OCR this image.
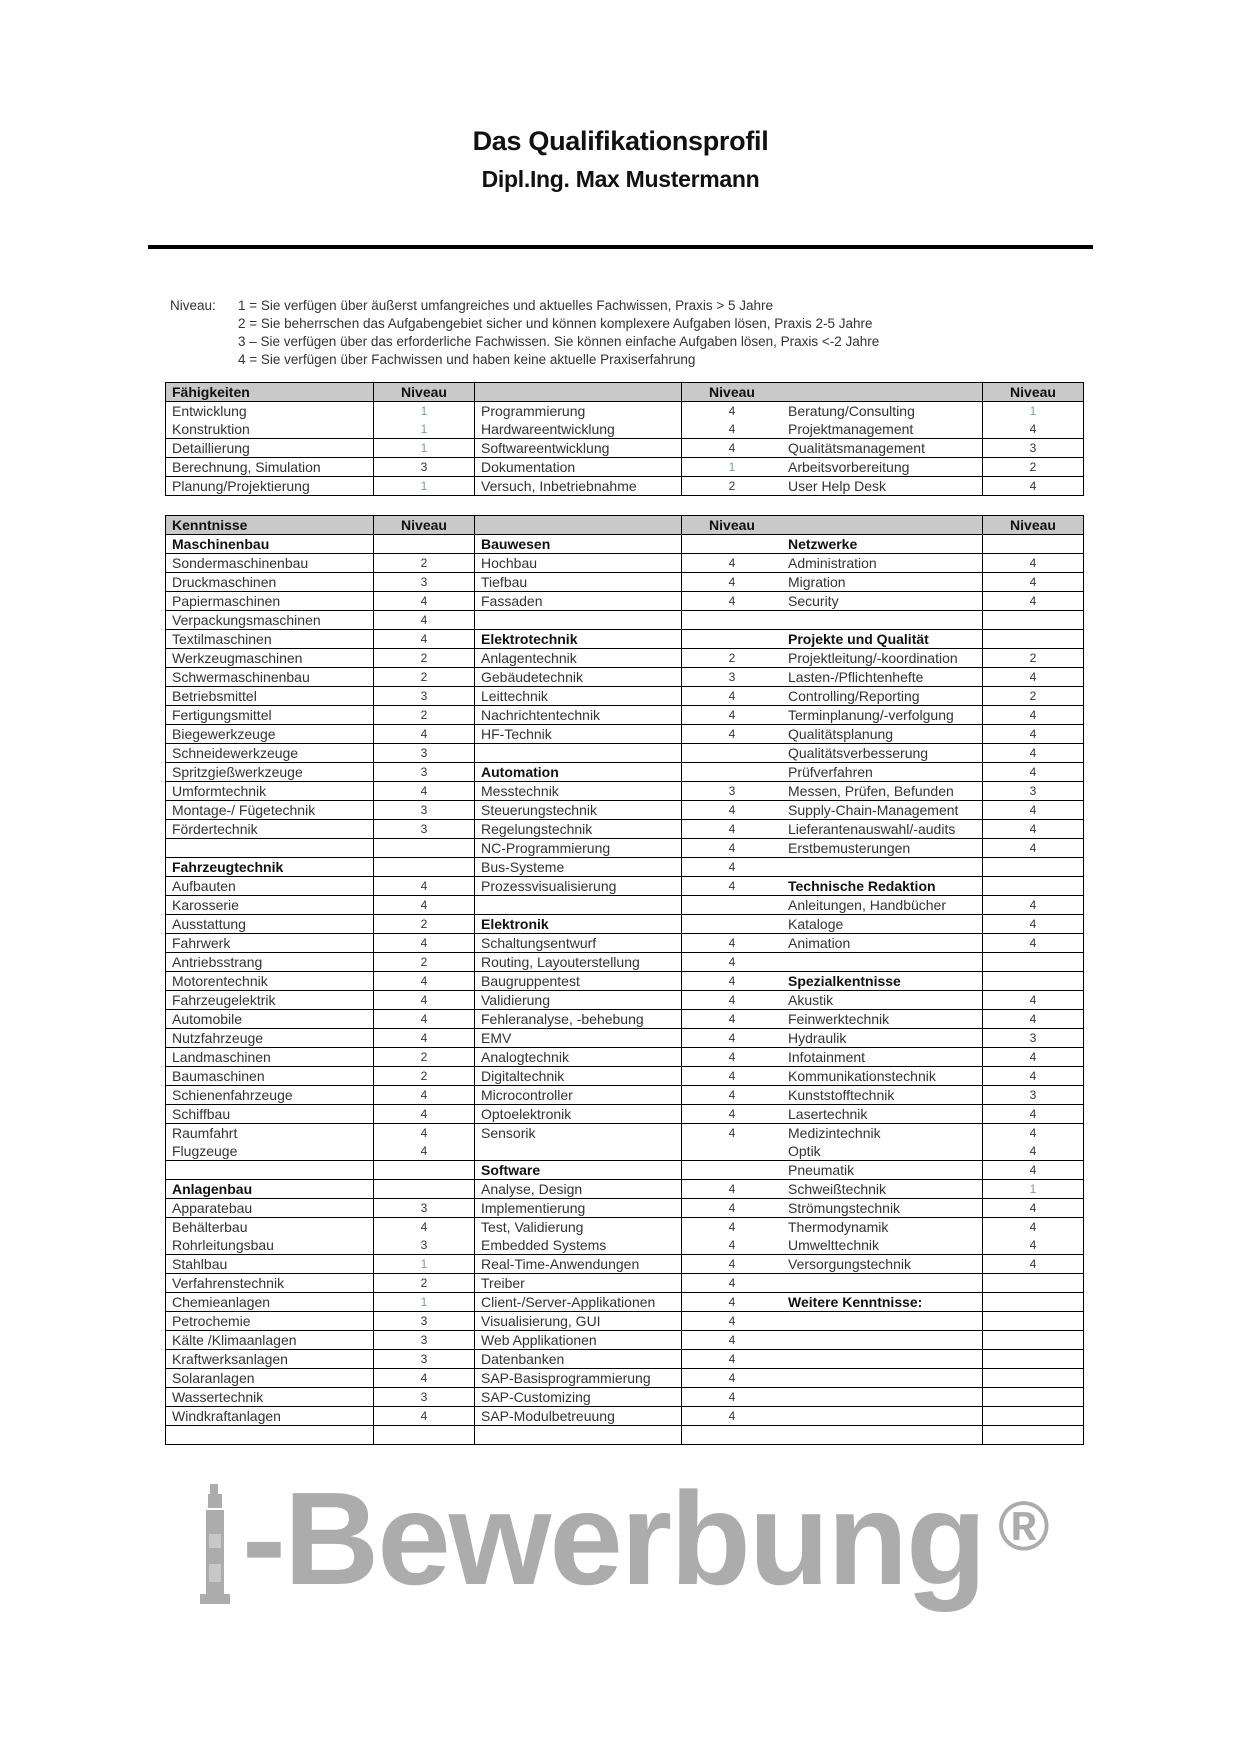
Das Qualifikationsprofil
Dipl.Ing. Max Mustermann
Niveau: 1 = Sie verfügen über äußerst umfangreiches und aktuelles Fachwissen, Praxis > 5 Jahre
2 = Sie beherrschen das Aufgabengebiet sicher und können komplexere Aufgaben lösen, Praxis 2-5 Jahre
3 – Sie verfügen über das erforderliche Fachwissen. Sie können einfache Aufgaben lösen, Praxis <-2 Jahre
4 = Sie verfügen über Fachwissen und haben keine aktuelle Praxiserfahrung
Fähigkeiten	Niveau		Niveau		Niveau
Entwicklung	1	Programmierung	4	Beratung/Consulting	1
Konstruktion	1	Hardwareentwicklung	4	Projektmanagement	4
Detaillierung	1	Softwareentwicklung	4	Qualitätsmanagement	3
Berechnung, Simulation	3	Dokumentation	1	Arbeitsvorbereitung	2
Planung/Projektierung	1	Versuch, Inbetriebnahme	2	User Help Desk	4
Kenntnisse	Niveau		Niveau		Niveau
Maschinenbau		Bauwesen		Netzwerke	
Sondermaschinenbau	2	Hochbau	4	Administration	4
Druckmaschinen	3	Tiefbau	4	Migration	4
Papiermaschinen	4	Fassaden	4	Security	4
Verpackungsmaschinen	4				
Textilmaschinen	4	Elektrotechnik		Projekte und Qualität	
Werkzeugmaschinen	2	Anlagentechnik	2	Projektleitung/-koordination	2
Schwermaschinenbau	2	Gebäudetechnik	3	Lasten-/Pflichtenhefte	4
Betriebsmittel	3	Leittechnik	4	Controlling/Reporting	2
Fertigungsmittel	2	Nachrichtentechnik	4	Terminplanung/-verfolgung	4
Biegewerkzeuge	4	HF-Technik	4	Qualitätsplanung	4
Schneidewerkzeuge	3			Qualitätsverbesserung	4
Spritzgießwerkzeuge	3	Automation		Prüfverfahren	4
Umformtechnik	4	Messtechnik	3	Messen, Prüfen, Befunden	3
Montage-/ Fügetechnik	3	Steuerungstechnik	4	Supply-Chain-Management	4
Fördertechnik	3	Regelungstechnik	4	Lieferantenauswahl/-audits	4
		NC-Programmierung	4	Erstbemusterungen	4
Fahrzeugtechnik		Bus-Systeme	4		
Aufbauten	4	Prozessvisualisierung	4	Technische Redaktion	
Karosserie	4			Anleitungen, Handbücher	4
Ausstattung	2	Elektronik		Kataloge	4
Fahrwerk	4	Schaltungsentwurf	4	Animation	4
Antriebsstrang	2	Routing, Layouterstellung	4		
Motorentechnik	4	Baugruppentest	4	Spezialkentnisse	
Fahrzeugelektrik	4	Validierung	4	Akustik	4
Automobile	4	Fehleranalyse, -behebung	4	Feinwerktechnik	4
Nutzfahrzeuge	4	EMV	4	Hydraulik	3
Landmaschinen	2	Analogtechnik	4	Infotainment	4
Baumaschinen	2	Digitaltechnik	4	Kommunikationstechnik	4
Schienenfahrzeuge	4	Microcontroller	4	Kunststofftechnik	3
Schiffbau	4	Optoelektronik	4	Lasertechnik	4
Raumfahrt	4	Sensorik	4	Medizintechnik	4
Flugzeuge	4			Optik	4
		Software		Pneumatik	4
Anlagenbau		Analyse, Design	4	Schweißtechnik	1
Apparatebau	3	Implementierung	4	Strömungstechnik	4
Behälterbau	4	Test, Validierung	4	Thermodynamik	4
Rohrleitungsbau	3	Embedded Systems	4	Umwelttechnik	4
Stahlbau	1	Real-Time-Anwendungen	4	Versorgungstechnik	4
Verfahrenstechnik	2	Treiber	4		
Chemieanlagen	1	Client-/Server-Applikationen	4	Weitere Kenntnisse:	
Petrochemie	3	Visualisierung, GUI	4		
Kälte /Klimaanlagen	3	Web Applikationen	4		
Kraftwerksanlagen	3	Datenbanken	4		
Solaranlagen	4	SAP-Basisprogrammierung	4		
Wassertechnik	3	SAP-Customizing	4		
Windkraftanlagen	4	SAP-Modulbetreuung	4		

-Bewerbung ®
